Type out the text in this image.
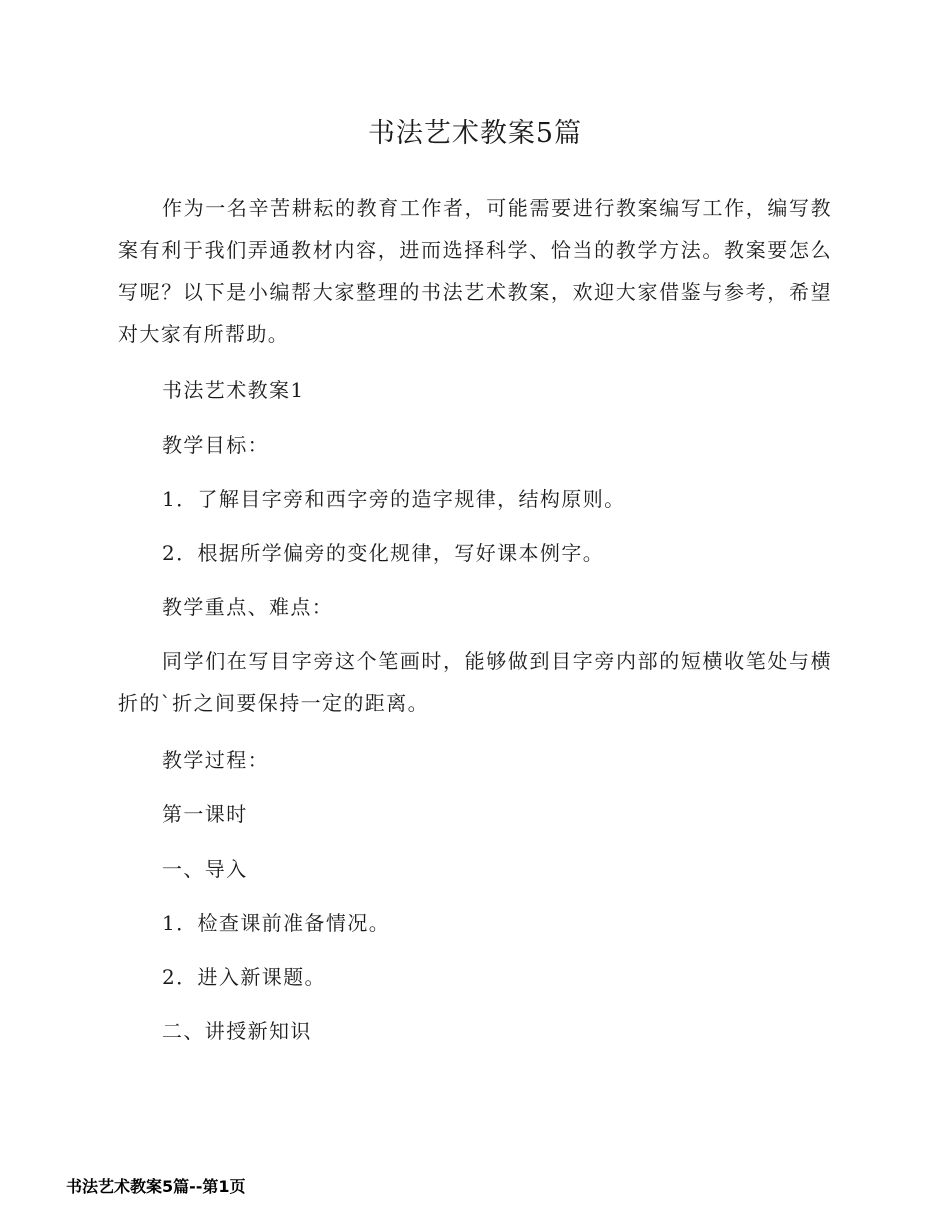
书法艺术教案5篇
作为一名辛苦耕耘的教育工作者，可能需要进行教案编写工作，编写教案有利于我们弄通教材内容，进而选择科学、恰当的教学方法。教案要怎么写呢？以下是小编帮大家整理的书法艺术教案，欢迎大家借鉴与参考，希望对大家有所帮助。
书法艺术教案1
教学目标：
1．了解目字旁和西字旁的造字规律，结构原则。
2．根据所学偏旁的变化规律，写好课本例字。
教学重点、难点：
同学们在写目字旁这个笔画时，能够做到目字旁内部的短横收笔处与横折的`折之间要保持一定的距离。
教学过程：
第一课时
一、导入
1．检查课前准备情况。
2．进入新课题。
二、讲授新知识
书法艺术教案5篇--第1页
